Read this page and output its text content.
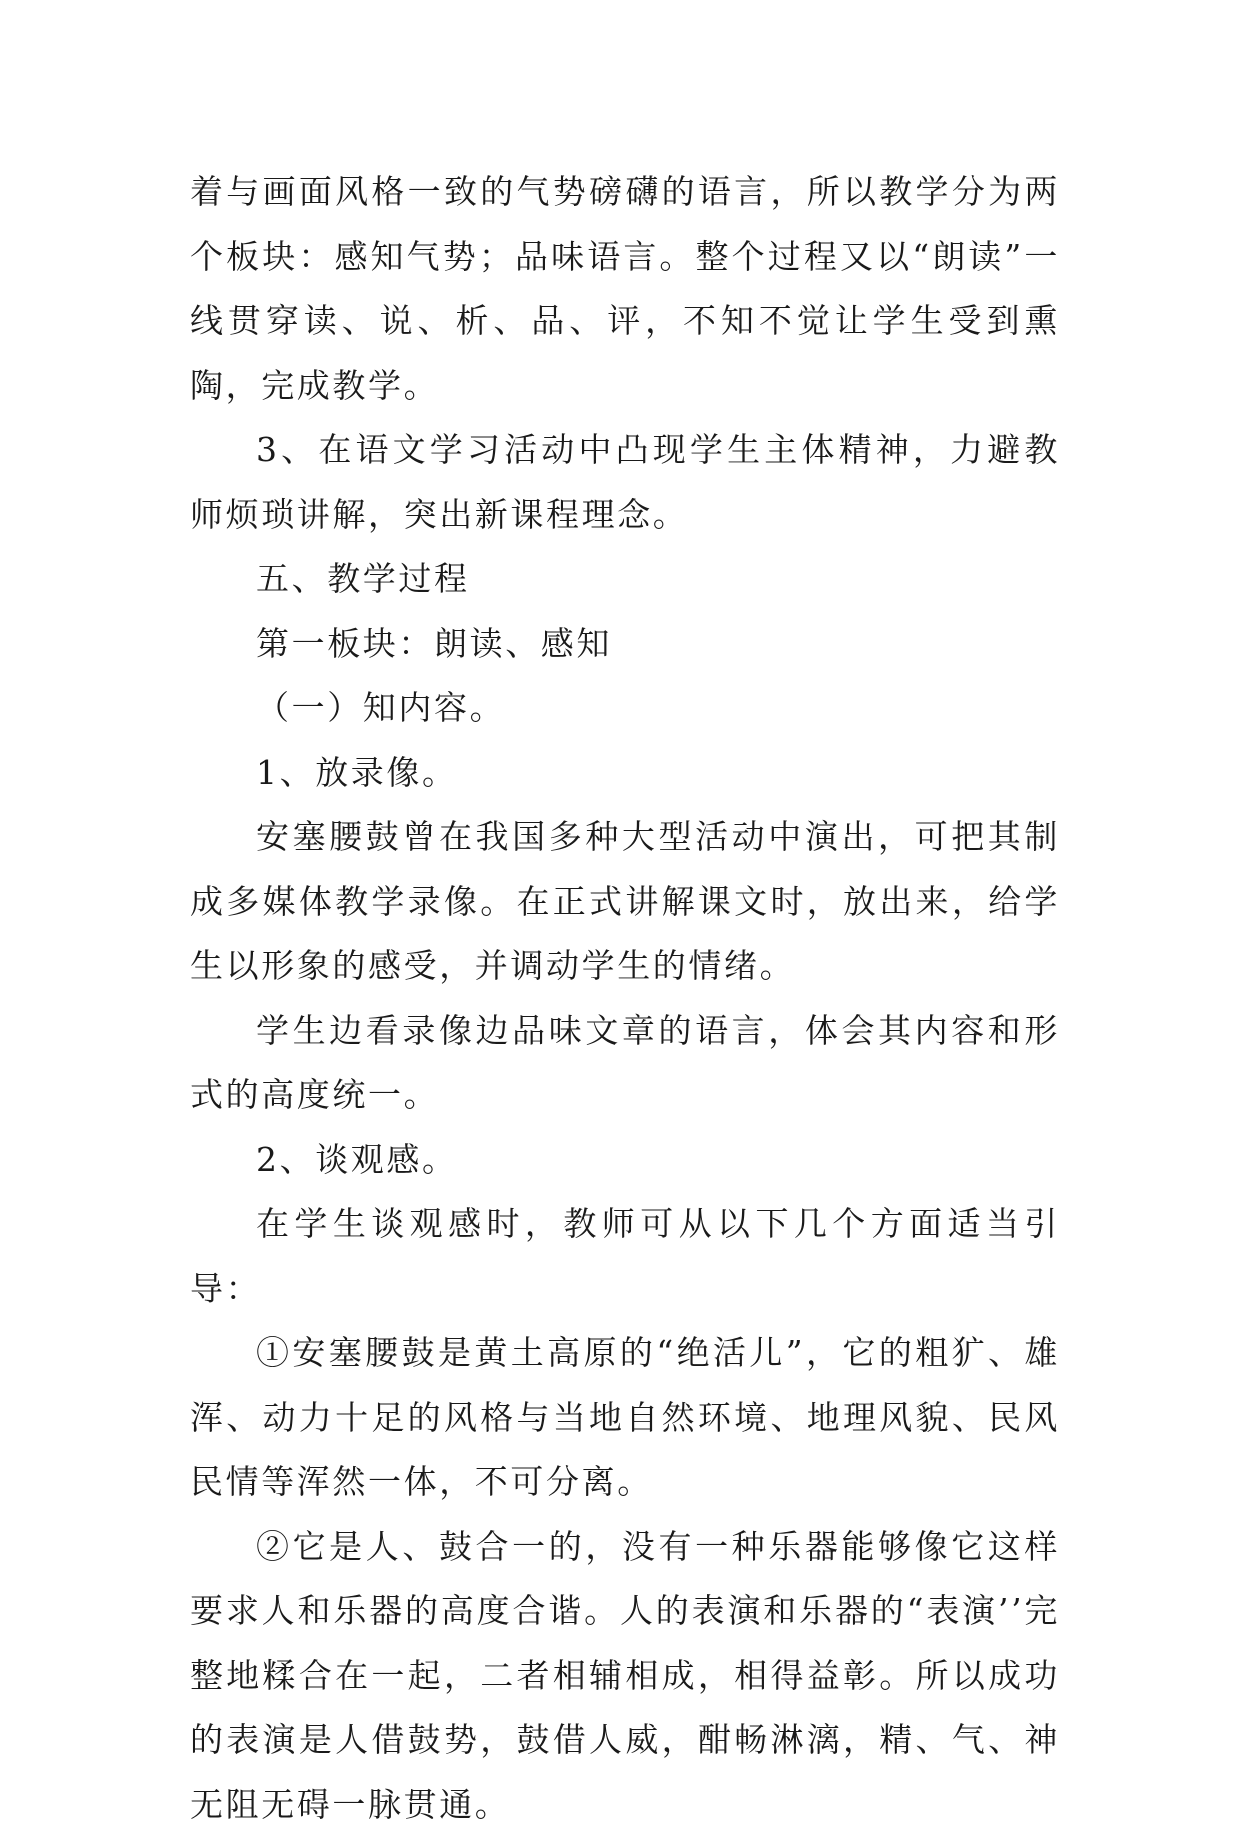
着与画面风格一致的气势磅礴的语言，所以教学分为两个板块：感知气势；品味语言。整个过程又以“朗读”一线贯穿读、说、析、品、评，不知不觉让学生受到熏陶，完成教学。

3、在语文学习活动中凸现学生主体精神，力避教师烦琐讲解，突出新课程理念。

五、教学过程

第一板块：朗读、感知

（一）知内容。

1、放录像。

安塞腰鼓曾在我国多种大型活动中演出，可把其制成多媒体教学录像。在正式讲解课文时，放出来，给学生以形象的感受，并调动学生的情绪。

学生边看录像边品味文章的语言，体会其内容和形式的高度统一。

2、谈观感。

在学生谈观感时，教师可从以下几个方面适当引导：

①安塞腰鼓是黄土高原的“绝活儿”，它的粗犷、雄浑、动力十足的风格与当地自然环境、地理风貌、民风民情等浑然一体，不可分离。

②它是人、鼓合一的，没有一种乐器能够像它这样要求人和乐器的高度合谐。人的表演和乐器的“表演’’完整地糅合在一起，二者相辅相成，相得益彰。所以成功的表演是人借鼓势，鼓借人威，酣畅淋漓，精、气、神无阻无碍一脉贯通。
